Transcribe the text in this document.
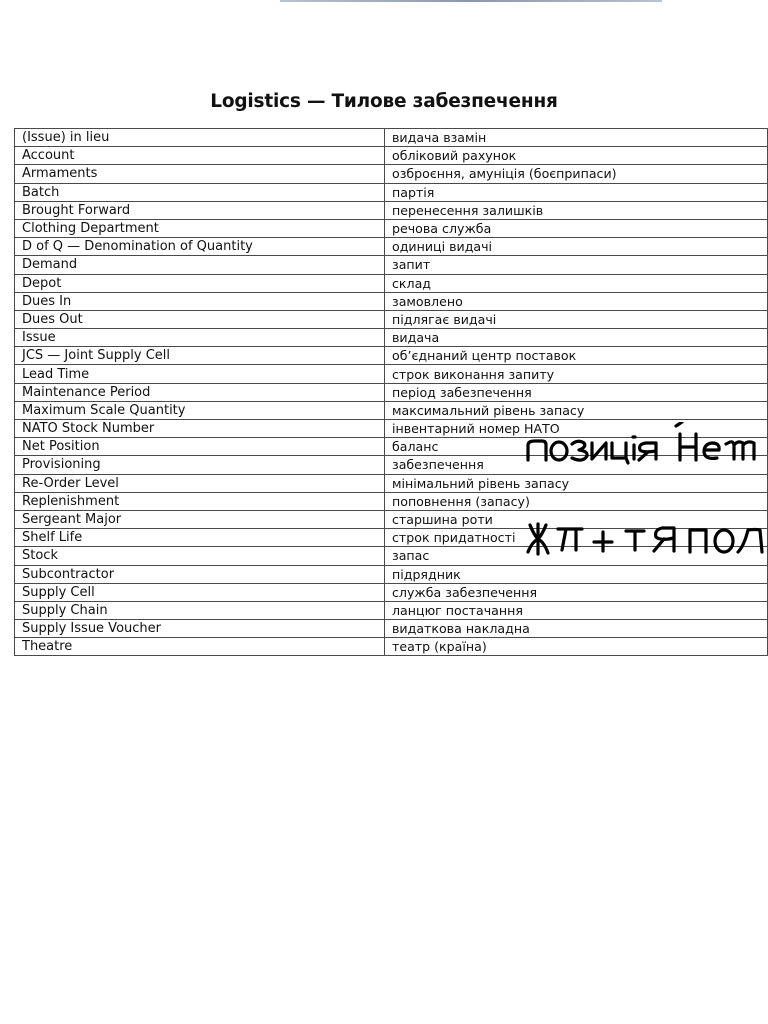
Logistics — Тилове забезпечення
(Issue) in lieu	видача взамін
Account	обліковий рахунок
Armaments	озброєння, амуніція (боєприпаси)
Batch	партія
Brought Forward	перенесення залишків
Clothing Department	речова служба
D of Q — Denomination of Quantity	одиниці видачі
Demand	запит
Depot	склад
Dues In	замовлено
Dues Out	підлягає видачі
Issue	видача
JCS — Joint Supply Cell	об’єднаний центр поставок
Lead Time	строк виконання запиту
Maintenance Period	період забезпечення
Maximum Scale Quantity	максимальний рівень запасу
NATO Stock Number	інвентарний номер НАТО
Net Position	баланс
Provisioning	забезпечення
Re-Order Level	мінімальний рівень запасу
Replenishment	поповнення (запасу)
Sergeant Major	старшина роти
Shelf Life	строк придатності
Stock	запас
Subcontractor	підрядник
Supply Cell	служба забезпечення
Supply Chain	ланцюг постачання
Supply Issue Voucher	видаткова накладна
Theatre	театр (країна)
